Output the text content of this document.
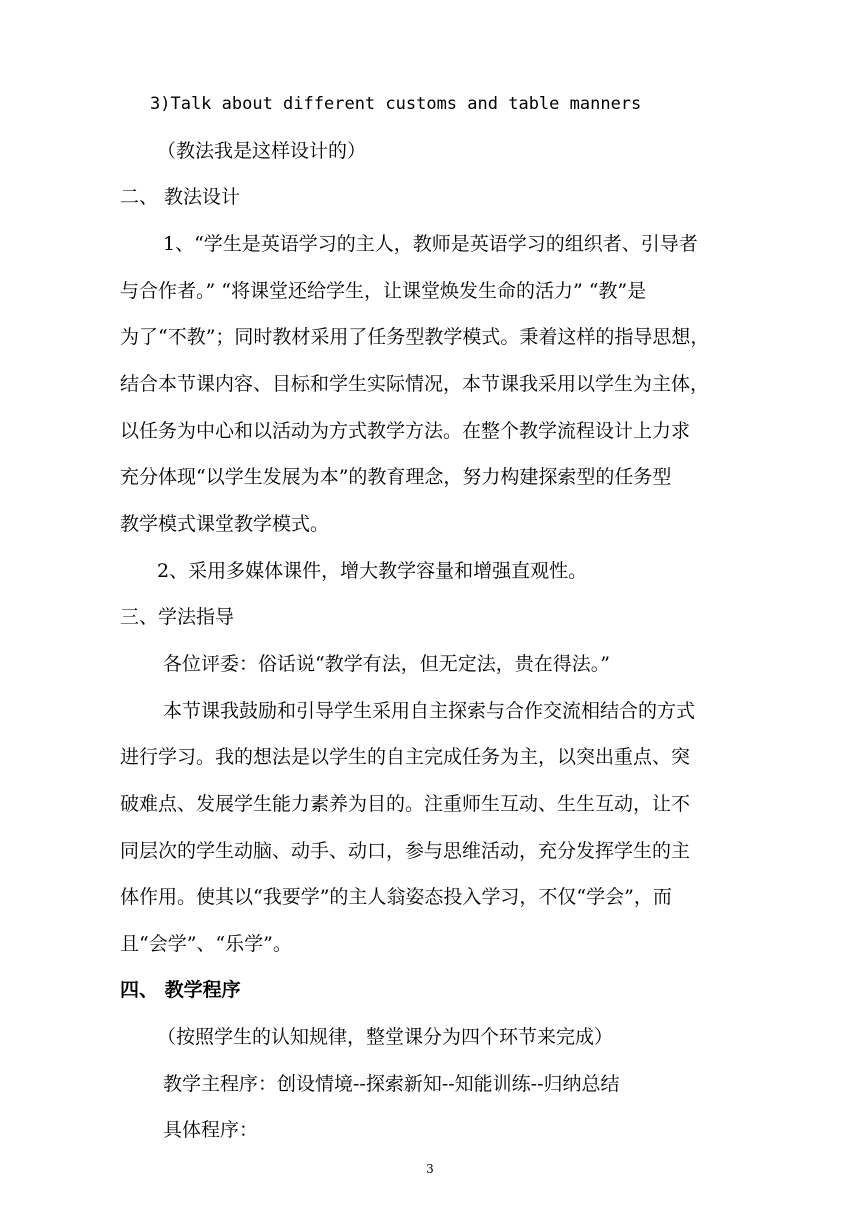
3)Talk about different customs and table manners
（教法我是这样设计的）
二、 教法设计
1、“学生是英语学习的主人，教师是英语学习的组织者、引导者
与合作者。” “将课堂还给学生，让课堂焕发生命的活力” “教”是
为了“不教”；同时教材采用了任务型教学模式。秉着这样的指导思想，
结合本节课内容、目标和学生实际情况，本节课我采用以学生为主体，
以任务为中心和以活动为方式教学方法。在整个教学流程设计上力求
充分体现“以学生发展为本”的教育理念，努力构建探索型的任务型
教学模式课堂教学模式。
2、采用多媒体课件，增大教学容量和增强直观性。
三、学法指导
各位评委：俗话说“教学有法，但无定法，贵在得法。”
本节课我鼓励和引导学生采用自主探索与合作交流相结合的方式
进行学习。我的想法是以学生的自主完成任务为主，以突出重点、突
破难点、发展学生能力素养为目的。注重师生互动、生生互动，让不
同层次的学生动脑、动手、动口，参与思维活动，充分发挥学生的主
体作用。使其以“我要学”的主人翁姿态投入学习，不仅“学会”，而
且“会学”、“乐学”。
四、 教学程序
（按照学生的认知规律，整堂课分为四个环节来完成）
教学主程序：创设情境--探索新知--知能训练--归纳总结
具体程序：
3
